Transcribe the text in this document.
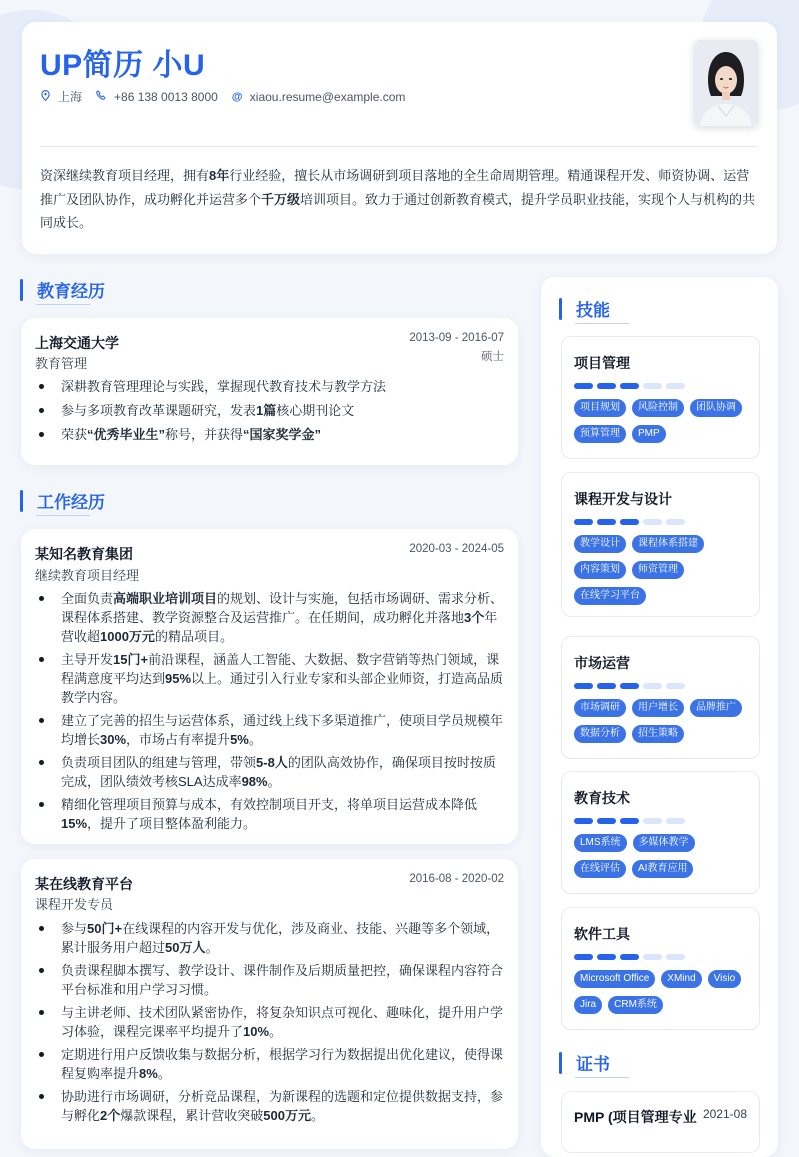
UP简历 小U
上海	+86 138 0013 8000 @ xiaou.resume@example.com
资深继续教育项目经理，拥有8年行业经验，擅长从市场调研到项目落地的全生命周期管理。精通课程开发、师资协调、运营推广及团队协作，成功孵化并运营多个千万级培训项目。致力于通过创新教育模式，提升学员职业技能，实现个人与机构的共同成长。
教育经历
上海交通大学
教育管理
2013-09 - 2016-07
硕士
深耕教育管理理论与实践，掌握现代教育技术与教学方法
参与多项教育改革课题研究，发表1篇核心期刊论文
荣获“优秀毕业生”称号，并获得“国家奖学金”
工作经历
某知名教育集团
继续教育项目经理
2020-03 - 2024-05
全面负责高端职业培训项目的规划、设计与实施，包括市场调研、需求分析、课程体系搭建、教学资源整合及运营推广。在任期间，成功孵化并落地3个年营收超1000万元的精品项目。
主导开发15门+前沿课程，涵盖人工智能、大数据、数字营销等热门领域，课程满意度平均达到95%以上。通过引入行业专家和头部企业师资，打造高品质教学内容。
建立了完善的招生与运营体系，通过线上线下多渠道推广，使项目学员规模年均增长30%，市场占有率提升5%。
负责项目团队的组建与管理，带领5-8人的团队高效协作，确保项目按时按质完成，团队绩效考核SLA达成率98%。
精细化管理项目预算与成本，有效控制项目开支，将单项目运营成本降低15%，提升了项目整体盈利能力。
某在线教育平台
课程开发专员
2016-08 - 2020-02
参与50门+在线课程的内容开发与优化，涉及商业、技能、兴趣等多个领域，累计服务用户超过50万人。
负责课程脚本撰写、教学设计、课件制作及后期质量把控，确保课程内容符合平台标准和用户学习习惯。
与主讲老师、技术团队紧密协作，将复杂知识点可视化、趣味化，提升用户学习体验，课程完课率平均提升了10%。
定期进行用户反馈收集与数据分析，根据学习行为数据提出优化建议，使得课程复购率提升8%。
协助进行市场调研，分析竞品课程，为新课程的选题和定位提供数据支持，参与孵化2个爆款课程，累计营收突破500万元。
技能
项目管理
项目规划	风险控制	团队协调
预算管理	PMP
课程开发与设计
教学设计	课程体系搭建
内容策划	师资管理
在线学习平台
市场运营
市场调研	用户增长	品牌推广
数据分析	招生策略
教育技术
LMS系统	多媒体教学
在线评估	AI教育应用
软件工具
Microsoft Office	XMind	Visio
Jira	CRM系统
证书
PMP (项目管理专业 2021-08
